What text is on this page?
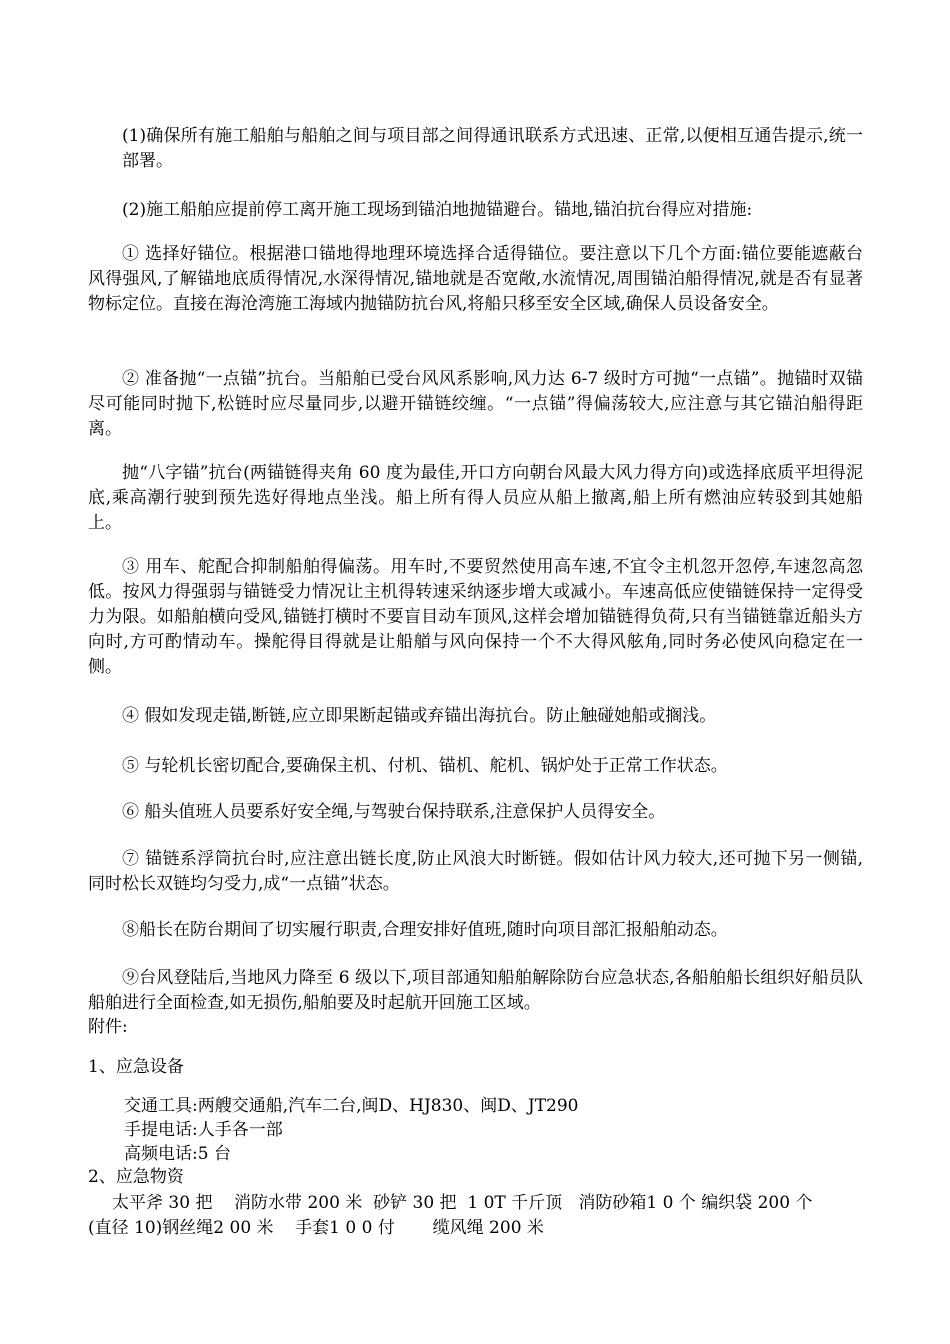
(1)确保所有施工船舶与船舶之间与项目部之间得通讯联系方式迅速、正常,以便相互通告提示,统一部署。
(2)施工船舶应提前停工离开施工现场到锚泊地抛锚避台。锚地,锚泊抗台得应对措施:
① 选择好锚位。根据港口锚地得地理环境选择合适得锚位。要注意以下几个方面:锚位要能遮蔽台风得强风,了解锚地底质得情况,水深得情况,锚地就是否宽敞,水流情况,周围锚泊船得情况,就是否有显著物标定位。直接在海沧湾施工海域内抛锚防抗台风,将船只移至安全区域,确保人员设备安全。
② 准备抛“一点锚”抗台。当船舶已受台风风系影响,风力达 6-7 级时方可抛“一点锚”。抛锚时双锚尽可能同时抛下,松链时应尽量同步,以避开锚链绞缠。“一点锚”得偏荡较大,应注意与其它锚泊船得距离。
抛“八字锚”抗台(两锚链得夹角 60 度为最佳,开口方向朝台风最大风力得方向)或选择底质平坦得泥底,乘高潮行驶到预先选好得地点坐浅。船上所有得人员应从船上撤离,船上所有燃油应转驳到其她船上。
③ 用车、舵配合抑制船舶得偏荡。用车时,不要贸然使用高车速,不宜令主机忽开忽停,车速忽高忽低。按风力得强弱与锚链受力情况让主机得转速采纳逐步增大或减小。车速高低应使锚链保持一定得受力为限。如船舶横向受风,锚链打横时不要盲目动车顶风,这样会增加锚链得负荷,只有当锚链靠近船头方向时,方可酌情动车。操舵得目得就是让船艏与风向保持一个不大得风舷角,同时务必使风向稳定在一侧。
④ 假如发现走锚,断链,应立即果断起锚或弃锚出海抗台。防止触碰她船或搁浅。
⑤ 与轮机长密切配合,要确保主机、付机、锚机、舵机、锅炉处于正常工作状态。
⑥ 船头值班人员要系好安全绳,与驾驶台保持联系,注意保护人员得安全。
⑦ 锚链系浮筒抗台时,应注意出链长度,防止风浪大时断链。假如估计风力较大,还可抛下另一侧锚,同时松长双链均匀受力,成“一点锚”状态。
⑧船长在防台期间了切实履行职责,合理安排好值班,随时向项目部汇报船舶动态。
⑨台风登陆后,当地风力降至 6 级以下,项目部通知船舶解除防台应急状态,各船舶船长组织好船员队船舶进行全面检查,如无损伤,船舶要及时起航开回施工区域。
附件:
1、应急设备
交通工具:两艘交通船,汽车二台,闽D、HJ830、闽D、JT290
手提电话:人手各一部
高频电话:5 台
2、应急物资
太平斧 30 把    消防水带 200 米  砂铲 30 把  1 0T 千斤顶   消防砂箱1 0 个 编织袋 200 个
(直径 10)钢丝绳2 00 米    手套1 0 0 付       缆风绳 200 米
